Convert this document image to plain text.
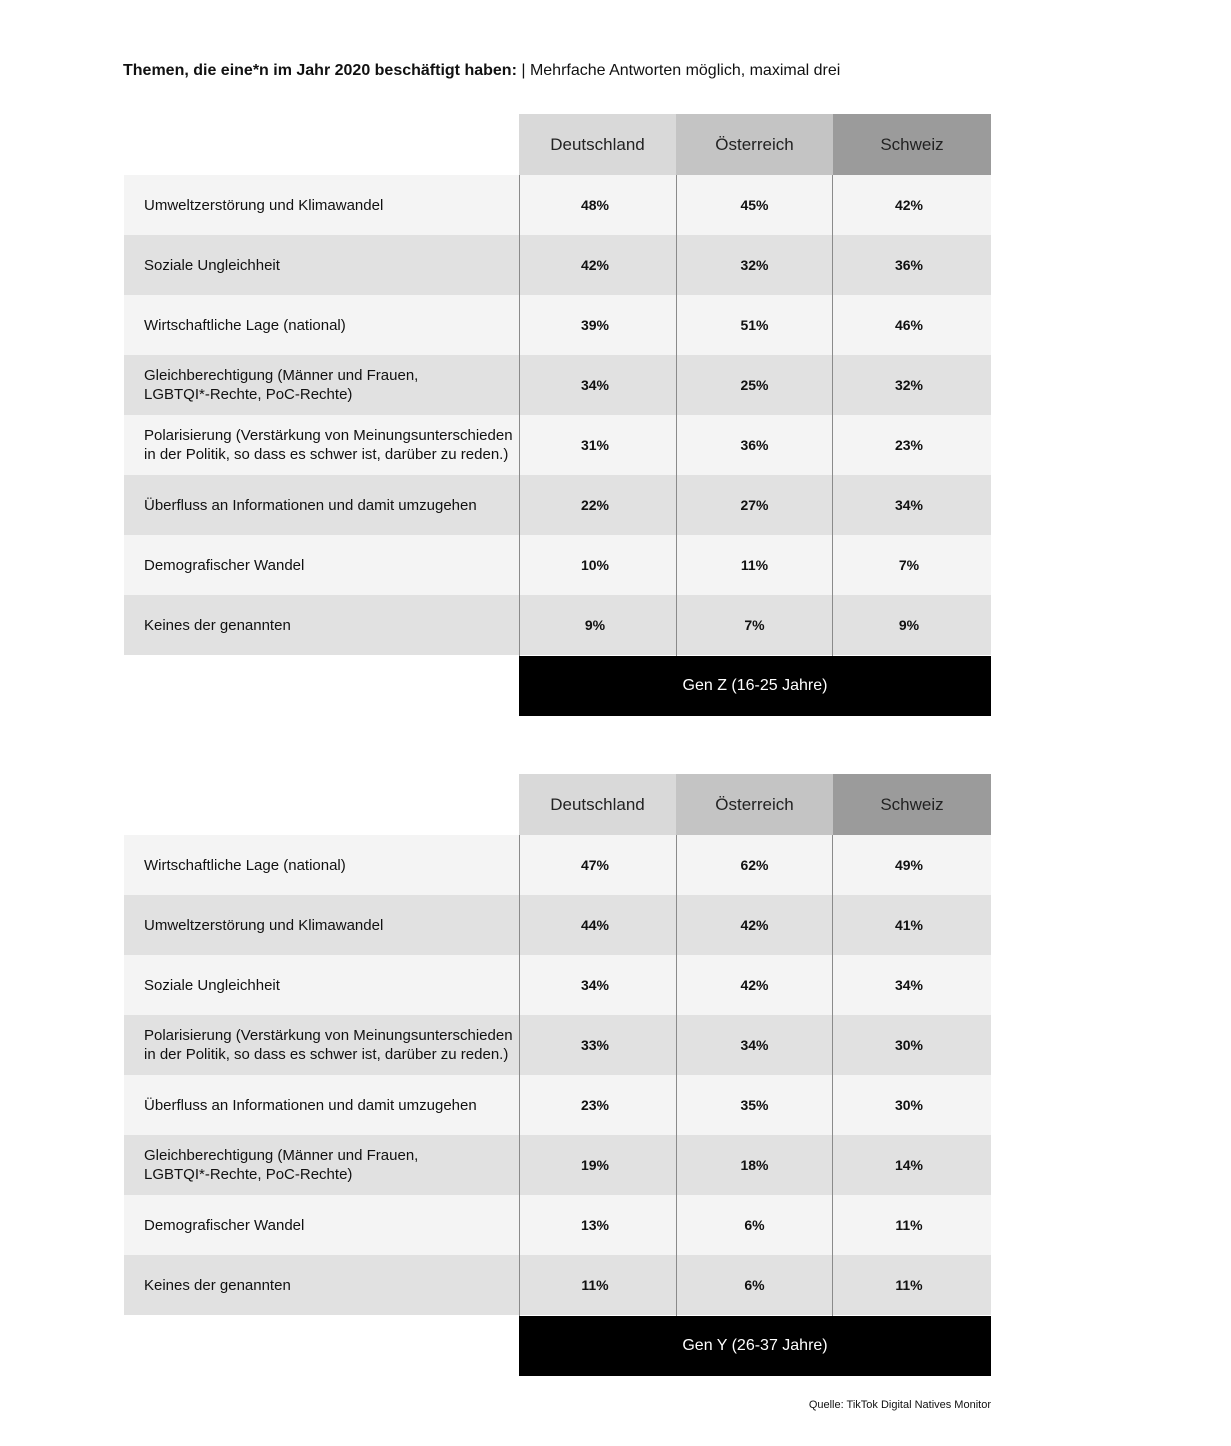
Themen, die eine*n im Jahr 2020 beschäftigt haben: | Mehrfache Antworten möglich, maximal drei
Deutschland	Österreich	Schweiz
Umweltzerstörung und Klimawandel	48%	45%	42%
Soziale Ungleichheit	42%	32%	36%
Wirtschaftliche Lage (national)	39%	51%	46%
Gleichberechtigung (Männer und Frauen,
LGBTQI*-Rechte, PoC-Rechte)
34%	25%	32%
Polarisierung (Verstärkung von Meinungsunterschieden
in der Politik, so dass es schwer ist, darüber zu reden.)
31%	36%	23%
Überfluss an Informationen und damit umzugehen	22%	27%	34%
Demografischer Wandel	10%	11%	7%
Keines der genannten	9%	7%	9%
Gen Z (16-25 Jahre)
Deutschland	Österreich	Schweiz
Wirtschaftliche Lage (national)	47%	62%	49%
Umweltzerstörung und Klimawandel	44%	42%	41%
Soziale Ungleichheit	34%	42%	34%
Polarisierung (Verstärkung von Meinungsunterschieden
in der Politik, so dass es schwer ist, darüber zu reden.)
33%	34%	30%
Überfluss an Informationen und damit umzugehen	23%	35%	30%
Gleichberechtigung (Männer und Frauen,
LGBTQI*-Rechte, PoC-Rechte)
19%	18%	14%
Demografischer Wandel	13%	6%	11%
Keines der genannten	11%	6%	11%
Gen Y (26-37 Jahre)
Quelle: TikTok Digital Natives Monitor
